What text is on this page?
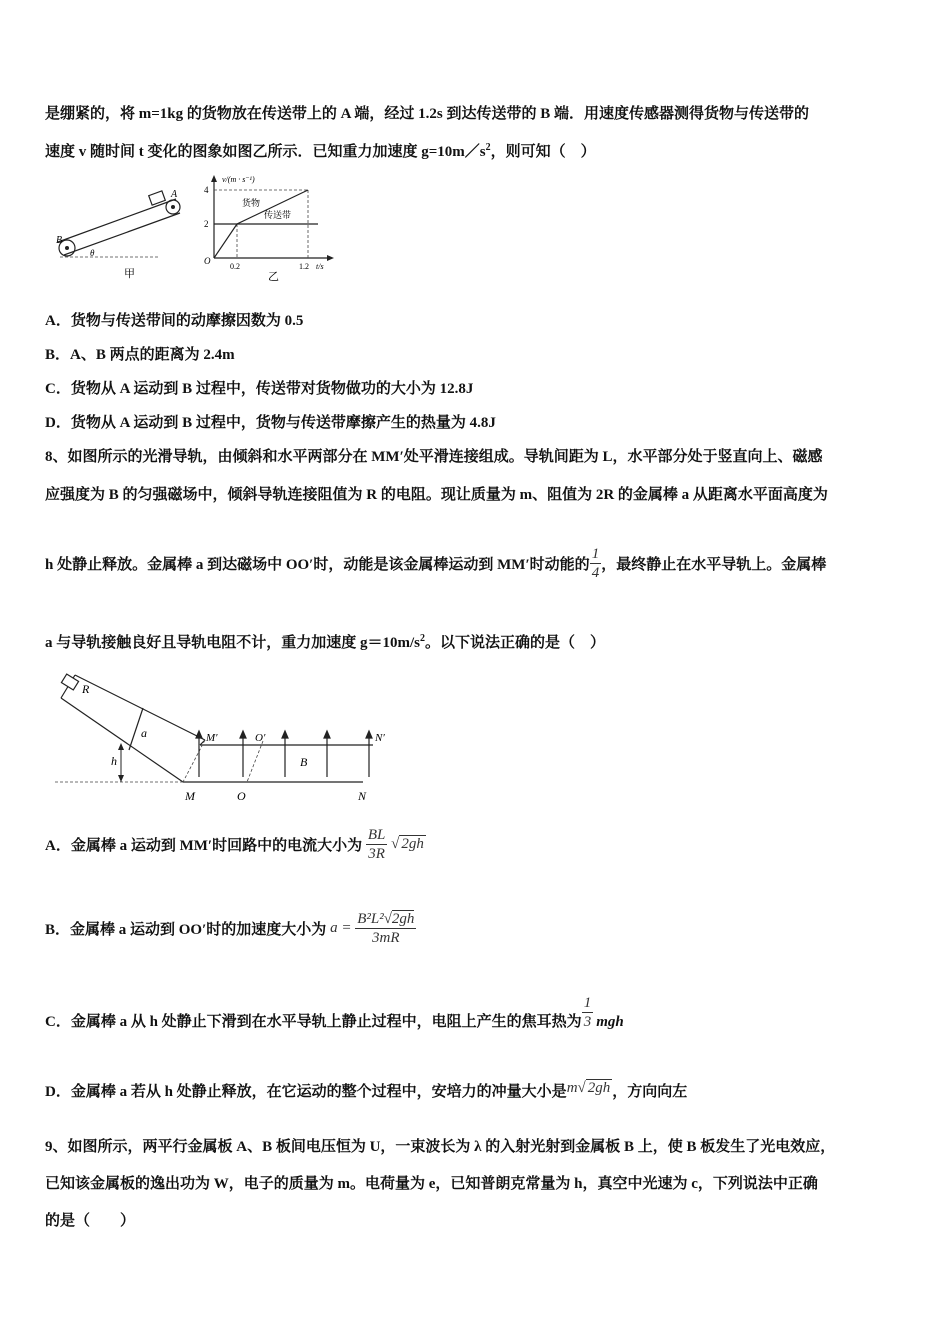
是绷紧的，将 m=1kg 的货物放在传送带上的 A 端，经过 1.2s 到达传送带的 B 端．用速度传感器测得货物与传送带的
速度 v 随时间 t 变化的图象如图乙所示．已知重力加速度 $g=10m/s^2$，则可知（　）
B
A
θ
甲
v/(m · s⁻¹)
4
2
O
0.2	1.2 t/s
货物
传送带
乙
A．货物与传送带间的动摩擦因数为 0.5
B．A、B 两点的距离为 2.4m
C．货物从 A 运动到 B 过程中，传送带对货物做功的大小为 12.8J
D．货物从 A 运动到 B 过程中，货物与传送带摩擦产生的热量为 4.8J
8、如图所示的光滑导轨，由倾斜和水平两部分在 MM′处平滑连接组成。导轨间距为 L，水平部分处于竖直向上、磁感
应强度为 B 的匀强磁场中，倾斜导轨连接阻值为 R 的电阻。现让质量为 m、阻值为 2R 的金属棒 a 从距离水平面高度为
h 处静止释放。金属棒 a 到达磁场中 OO′时，动能是该金属棒运动到 MM′时动能的 $\frac{1}{4}$ ，最终静止在水平导轨上。金属棒
a 与导轨接触良好且导轨电阻不计，重力加速度 $g=10m/s^2$。以下说法正确的是（　）
R
a
h
M′	O′	N′
B
M	O	N
A．金属棒 a 运动到 MM′时回路中的电流大小为 $\frac{BL}{3R}$ √ 2gh
B．金属棒 a 运动到 OO′时的加速度大小为 $a = \frac{\text{B²L²√2gh}}{3mR}$
C．金属棒 a 从 h 处静止下滑到在水平导轨上静止过程中，电阻上产生的焦耳热为 $\frac{1}{3}$ mgh
D．金属棒 a 若从 h 处静止释放，在它运动的整个过程中，安培力的冲量大小是m√ 2gh ，方向向左
9、如图所示，两平行金属板 A、B 板间电压恒为 U，一束波长为 λ 的入射光射到金属板 B 上，使 B 板发生了光电效应，
已知该金属板的逸出功为 W，电子的质量为 m。电荷量为 e，已知普朗克常量为 h，真空中光速为 c，下列说法中正确
的是（　　）
